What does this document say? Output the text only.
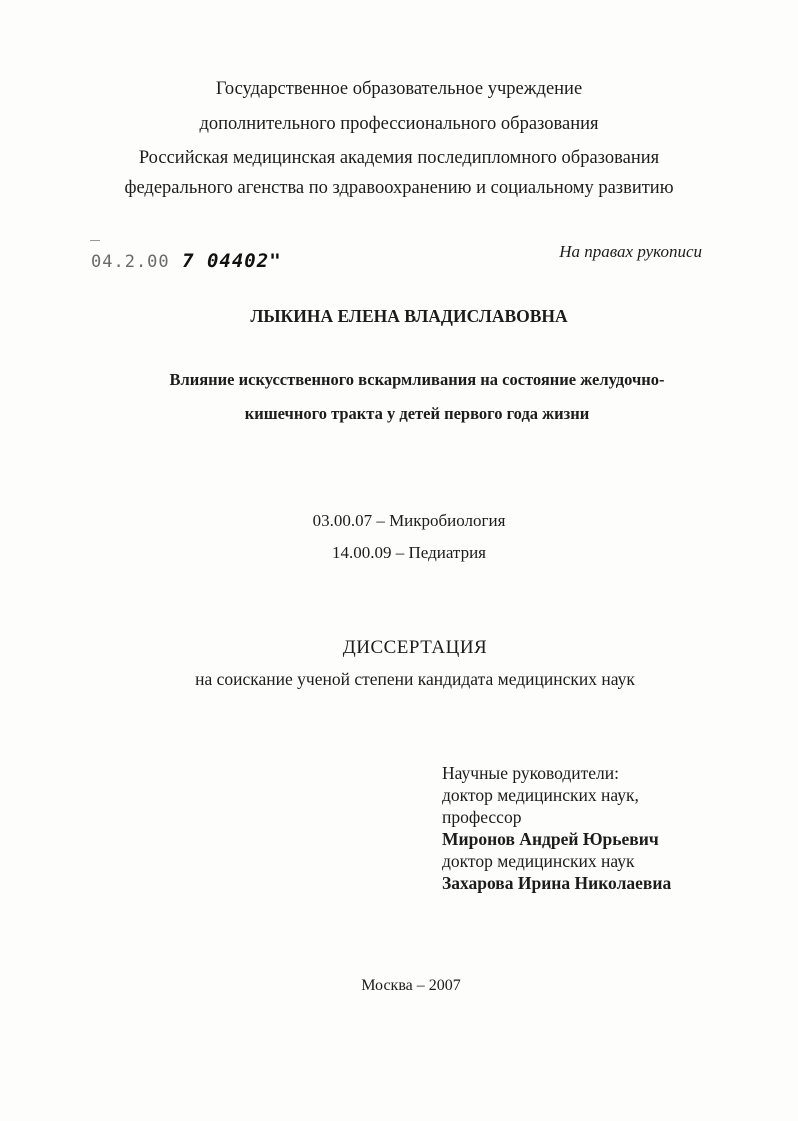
Государственное образовательное учреждение
дополнительного профессионального образования
Российская медицинская академия последипломного образования
федерального агенства по здравоохранению и социальному развитию
04.2.00 7 04402"	На правах рукописи
ЛЫКИНА ЕЛЕНА ВЛАДИСЛАВОВНА
Влияние искусственного вскармливания на состояние желудочно-
кишечного тракта у детей первого года жизни
03.00.07 – Микробиология
14.00.09 – Педиатрия
ДИССЕРТАЦИЯ
на соискание ученой степени кандидата медицинских наук
Научные руководители:
доктор медицинских наук,
профессор
Миронов Андрей Юрьевич
доктор медицинских наук
Захарова Ирина Николаевиа
Москва – 2007
